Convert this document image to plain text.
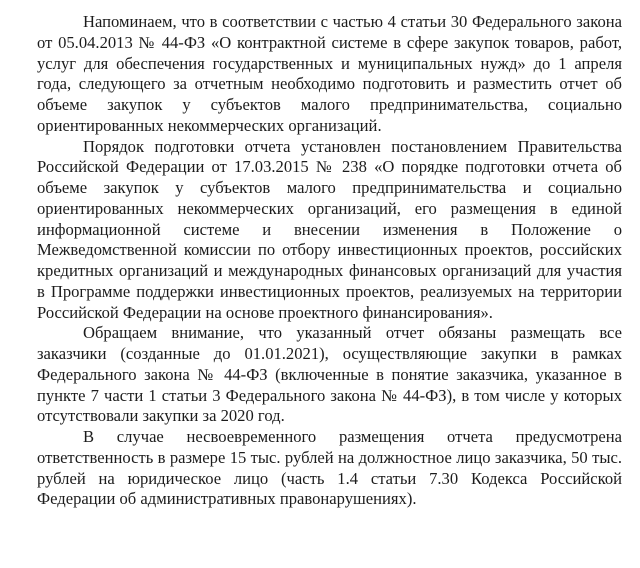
Напоминаем, что в соответствии с частью 4 статьи 30 Федерального закона от 05.04.2013 № 44-ФЗ «О контрактной системе в сфере закупок товаров, работ, услуг для обеспечения государственных и муниципальных нужд» до 1 апреля года, следующего за отчетным необходимо подготовить и разместить отчет об объеме закупок у субъектов малого предпринимательства, социально ориентированных некоммерческих организаций.

Порядок подготовки отчета установлен постановлением Правительства Российской Федерации от 17.03.2015 № 238 «О порядке подготовки отчета об объеме закупок у субъектов малого предпринимательства и социально ориентированных некоммерческих организаций, его размещения в единой информационной системе и внесении изменения в Положение о Межведомственной комиссии по отбору инвестиционных проектов, российских кредитных организаций и международных финансовых организаций для участия в Программе поддержки инвестиционных проектов, реализуемых на территории Российской Федерации на основе проектного финансирования».

Обращаем внимание, что указанный отчет обязаны размещать все заказчики (созданные до 01.01.2021), осуществляющие закупки в рамках Федерального закона № 44-ФЗ (включенные в понятие заказчика, указанное в пункте 7 части 1 статьи 3 Федерального закона № 44-ФЗ), в том числе у которых отсутствовали закупки за 2020 год.

В случае несвоевременного размещения отчета предусмотрена ответственность в размере 15 тыс. рублей на должностное лицо заказчика, 50 тыс. рублей на юридическое лицо (часть 1.4 статьи 7.30 Кодекса Российской Федерации об административных правонарушениях).
